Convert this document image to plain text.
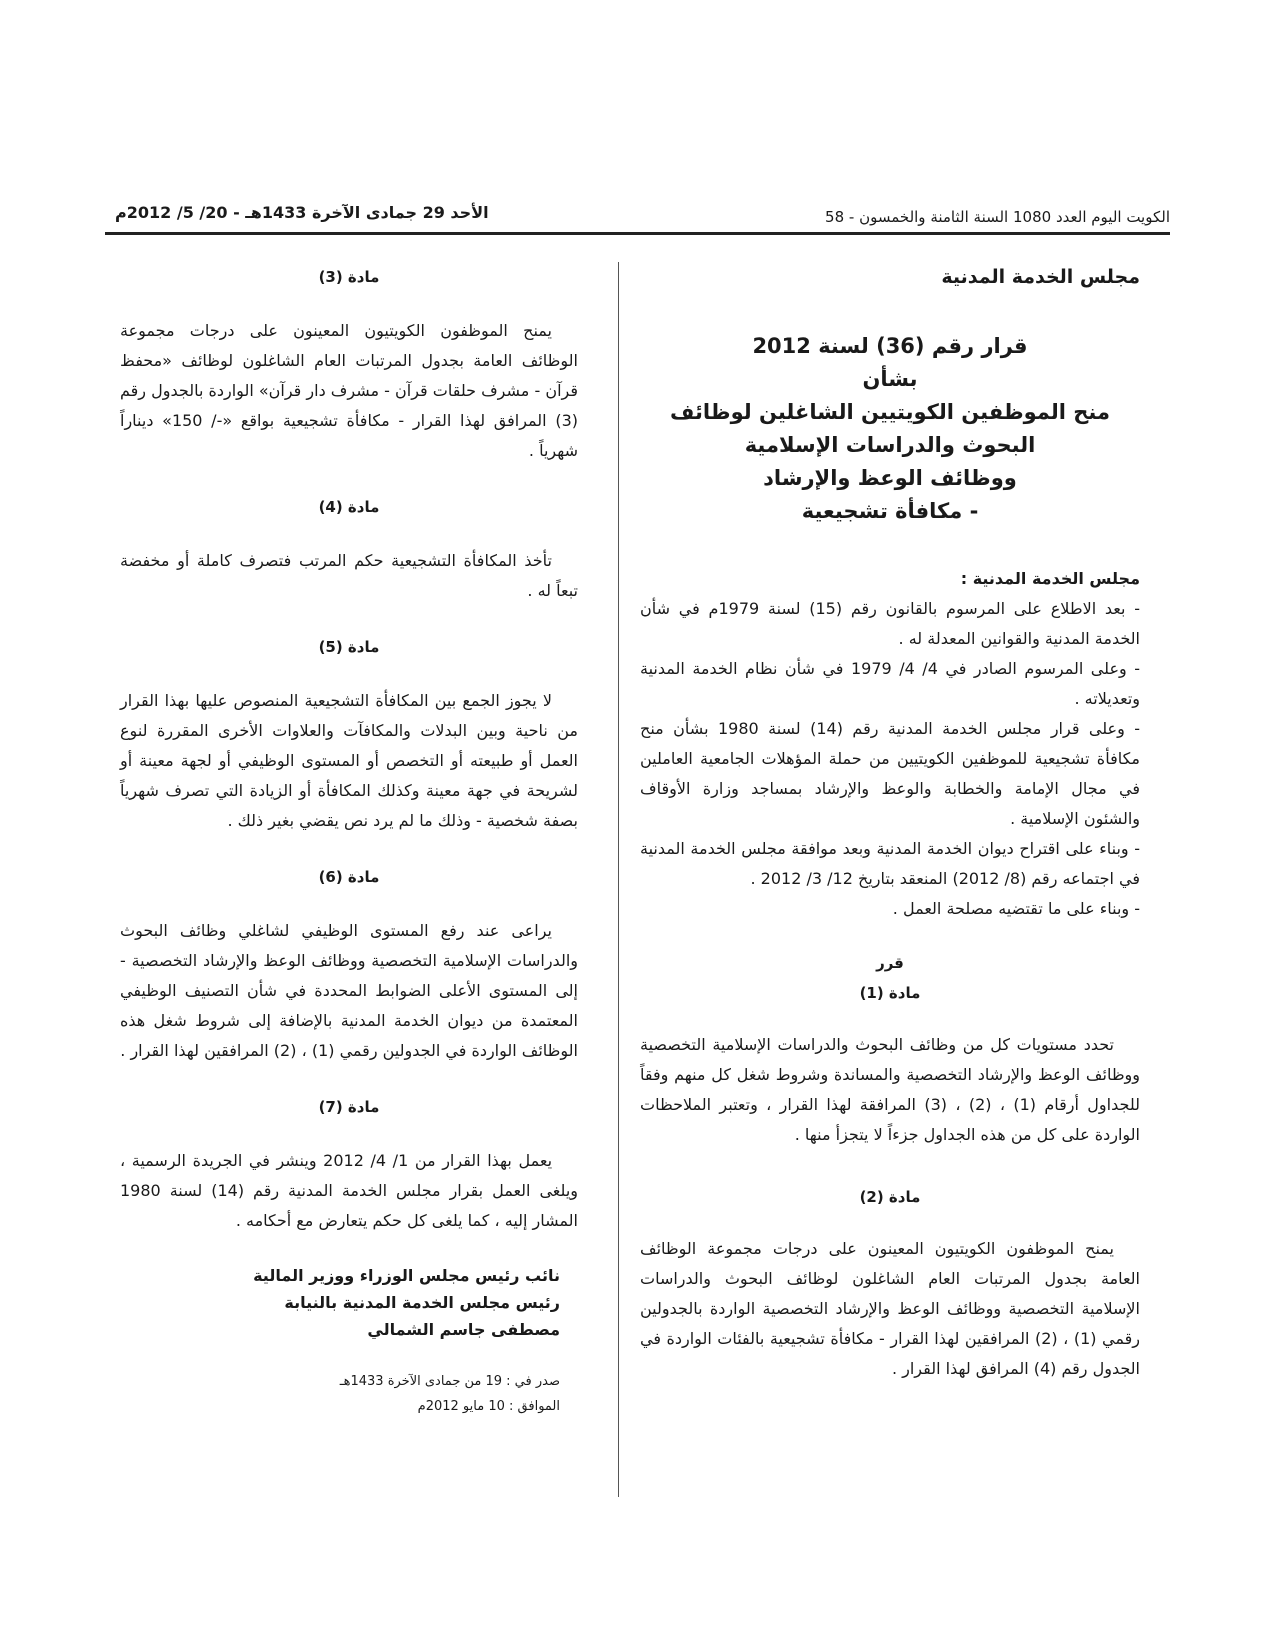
الكويت اليوم العدد 1080 السنة الثامنة والخمسون - 58
الأحد 29 جمادى الآخرة 1433هـ - 20/ 5/ 2012م

مجلس الخدمة المدنية

قرار رقم (36) لسنة 2012

بشأن

منح الموظفين الكويتيين الشاغلين لوظائف

البحوث والدراسات الإسلامية

ووظائف الوعظ والإرشاد

- مكافأة تشجيعية

مجلس الخدمة المدنية :

- بعد الاطلاع على المرسوم بالقانون رقم (15) لسنة 1979م في شأن الخدمة المدنية والقوانين المعدلة له .

- وعلى المرسوم الصادر في 4/ 4/ 1979 في شأن نظام الخدمة المدنية وتعديلاته .

- وعلى قرار مجلس الخدمة المدنية رقم (14) لسنة 1980 بشأن منح مكافأة تشجيعية للموظفين الكويتيين من حملة المؤهلات الجامعية العاملين في مجال الإمامة والخطابة والوعظ والإرشاد بمساجد وزارة الأوقاف والشئون الإسلامية .

- وبناء على اقتراح ديوان الخدمة المدنية وبعد موافقة مجلس الخدمة المدنية في اجتماعه رقم (8/ 2012) المنعقد بتاريخ 12/ 3/ 2012 .

- وبناء على ما تقتضيه مصلحة العمل .

قرر

مادة (1)

تحدد مستويات كل من وظائف البحوث والدراسات الإسلامية التخصصية ووظائف الوعظ والإرشاد التخصصية والمساندة وشروط شغل كل منهم وفقاً للجداول أرقام (1) ، (2) ، (3) المرافقة لهذا القرار ، وتعتبر الملاحظات الواردة على كل من هذه الجداول جزءاً لا يتجزأ منها .

مادة (2)

يمنح الموظفون الكويتيون المعينون على درجات مجموعة الوظائف العامة بجدول المرتبات العام الشاغلون لوظائف البحوث والدراسات الإسلامية التخصصية ووظائف الوعظ والإرشاد التخصصية الواردة بالجدولين رقمي (1) ، (2) المرافقين لهذا القرار - مكافأة تشجيعية بالفئات الواردة في الجدول رقم (4) المرافق لهذا القرار .

مادة (3)

يمنح الموظفون الكويتيون المعينون على درجات مجموعة الوظائف العامة بجدول المرتبات العام الشاغلون لوظائف «محفظ قرآن - مشرف حلقات قرآن - مشرف دار قرآن» الواردة بالجدول رقم (3) المرافق لهذا القرار - مكافأة تشجيعية بواقع «-/ 150» ديناراً شهرياً .

مادة (4)

تأخذ المكافأة التشجيعية حكم المرتب فتصرف كاملة أو مخفضة تبعاً له .

مادة (5)

لا يجوز الجمع بين المكافأة التشجيعية المنصوص عليها بهذا القرار من ناحية وبين البدلات والمكافآت والعلاوات الأخرى المقررة لنوع العمل أو طبيعته أو التخصص أو المستوى الوظيفي أو لجهة معينة أو لشريحة في جهة معينة وكذلك المكافأة أو الزيادة التي تصرف شهرياً بصفة شخصية - وذلك ما لم يرد نص يقضي بغير ذلك .

مادة (6)

يراعى عند رفع المستوى الوظيفي لشاغلي وظائف البحوث والدراسات الإسلامية التخصصية ووظائف الوعظ والإرشاد التخصصية - إلى المستوى الأعلى الضوابط المحددة في شأن التصنيف الوظيفي المعتمدة من ديوان الخدمة المدنية بالإضافة إلى شروط شغل هذه الوظائف الواردة في الجدولين رقمي (1) ، (2) المرافقين لهذا القرار .

مادة (7)

يعمل بهذا القرار من 1/ 4/ 2012 وينشر في الجريدة الرسمية ، ويلغى العمل بقرار مجلس الخدمة المدنية رقم (14) لسنة 1980 المشار إليه ، كما يلغى كل حكم يتعارض مع أحكامه .

نائب رئيس مجلس الوزراء ووزير المالية

رئيس مجلس الخدمة المدنية بالنيابة

مصطفى جاسم الشمالي

صدر في : 19 من جمادى الآخرة 1433هـ

الموافق : 10 مايو 2012م
